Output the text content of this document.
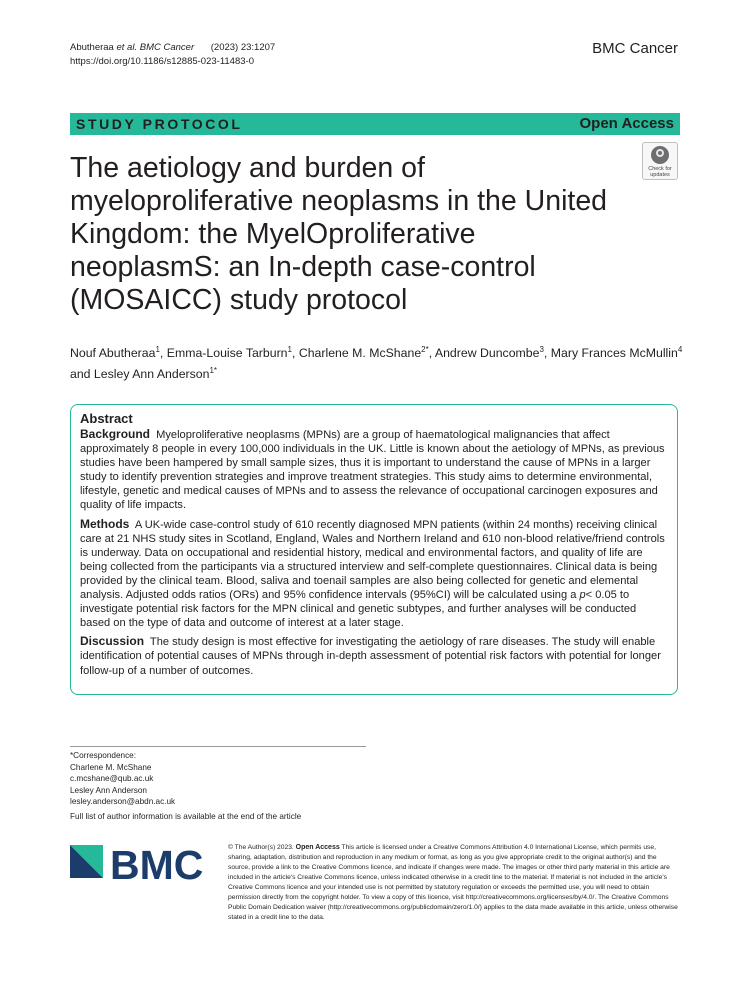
Abutheraa et al. BMC Cancer (2023) 23:1207
https://doi.org/10.1186/s12885-023-11483-0
BMC Cancer
STUDY PROTOCOL	Open Access
The aetiology and burden of myeloproliferative neoplasms in the United Kingdom: the MyelOproliferative neoplasmS: an In-depth case-control (MOSAICC) study protocol
Check for
updates
Nouf Abutheraa$^1$, Emma-Louise Tarburn$^1$, Charlene M. McShane$^{2*}$, Andrew Duncombe$^3$, Mary Frances McMullin$^4$
and Lesley Ann Anderson$^{1*}$
Abstract

Background Myeloproliferative neoplasms (MPNs) are a group of haematological malignancies that affect approximately 8 people in every 100,000 individuals in the UK. Little is known about the aetiology of MPNs, as previous studies have been hampered by small sample sizes, thus it is important to understand the cause of MPNs in a larger study to identify prevention strategies and improve treatment strategies. This study aims to determine environmental, lifestyle, genetic and medical causes of MPNs and to assess the relevance of occupational carcinogen exposures and quality of life impacts.

Methods A UK-wide case-control study of 610 recently diagnosed MPN patients (within 24 months) receiving clinical care at 21 NHS study sites in Scotland, England, Wales and Northern Ireland and 610 non-blood relative/friend controls is underway. Data on occupational and residential history, medical and environmental factors, and quality of life are being collected from the participants via a structured interview and self-complete questionnaires. Clinical data is being provided by the clinical team. Blood, saliva and toenail samples are also being collected for genetic and elemental analysis. Adjusted odds ratios (ORs) and 95% confidence intervals (95%CI) will be calculated using a p< 0.05 to investigate potential risk factors for the MPN clinical and genetic subtypes, and further analyses will be conducted based on the type of data and outcome of interest at a later stage.

Discussion The study design is most effective for investigating the aetiology of rare diseases. The study will enable identification of potential causes of MPNs through in-depth assessment of potential risk factors with potential for longer follow-up of a number of outcomes.

*Correspondence:
Charlene M. McShane
c.mcshane@qub.ac.uk
Lesley Ann Anderson
lesley.anderson@abdn.ac.uk
Full list of author information is available at the end of the article
BMC	© The Author(s) 2023. Open Access This article is licensed under a Creative Commons Attribution 4.0 International License, which permits use, sharing, adaptation, distribution and reproduction in any medium or format, as long as you give appropriate credit to the original author(s) and the source, provide a link to the Creative Commons licence, and indicate if changes were made. The images or other third party material in this article are included in the article's Creative Commons licence, unless indicated otherwise in a credit line to the material. If material is not included in the article's Creative Commons licence and your intended use is not permitted by statutory regulation or exceeds the permitted use, you will need to obtain permission directly from the copyright holder. To view a copy of this licence, visit http://creativecommons.org/licenses/by/4.0/. The Creative Commons Public Domain Dedication waiver (http://creativecommons.org/publicdomain/zero/1.0/) applies to the data made available in this article, unless otherwise stated in a credit line to the data.
